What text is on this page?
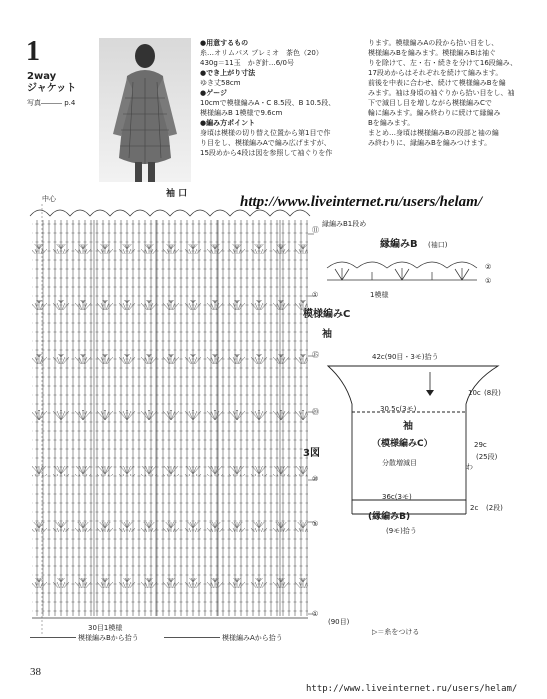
1
2way
ジャケット
写真――― p.4

●用意するもの

糸…オリムパス プレミオ　茶色（20）

430g＝11玉　かぎ針…6/0号

●でき上がり寸法

ゆき丈58cm

●ゲージ

10cmで模様編みA・C 8.5段、B 10.5段、

模様編みB 1模様で9.6cm

●編み方ポイント

身頃は模様の切り替え位置から第1目で作

り目をし、模様編みAで編み広げますが、

15段めから4段は図を参照して袖ぐりを作

ります。模様編みAの段から拾い目をし、

模様編みBを編みます。模様編みBは袖ぐ

りを除けて、左・右・続きを分けて16段編み、

17段めからはそれぞれを続けて編みます。

前後を中表に合わせ、続けて模様編みBを編

みます。袖は身頃の袖ぐりから拾い目をし、袖

下で減目し目を増しながら模様編みCで

輪に編みます。編み終わりに続けて縁編み

Bを編みます。

まとめ…身頃は模様編みBの段部と袖の編

み終わりに、縁編みBを編みつけます。

http://www.liveinternet.ru/users/helam/
袖 口
中心
⑪
縁編みB1段め
①
⑮
⑳
⑩
⑤
①
3図
30目1模様
模様編みBから拾う	模様編みAから拾う
(90目)
縁編みB (袖口)
②
①
1模様
模様編みC
袖
42c(90目・3モ)拾う
30.5c(3モ)
袖
（模様編みC）
分散増減目
36c(3モ)
(縁編みB)
(9モ)拾う
10c (8段)
29c
(25段)
わ
2c (2段)
▷＝糸をつける
38
http://www.liveinternet.ru/users/helam/
